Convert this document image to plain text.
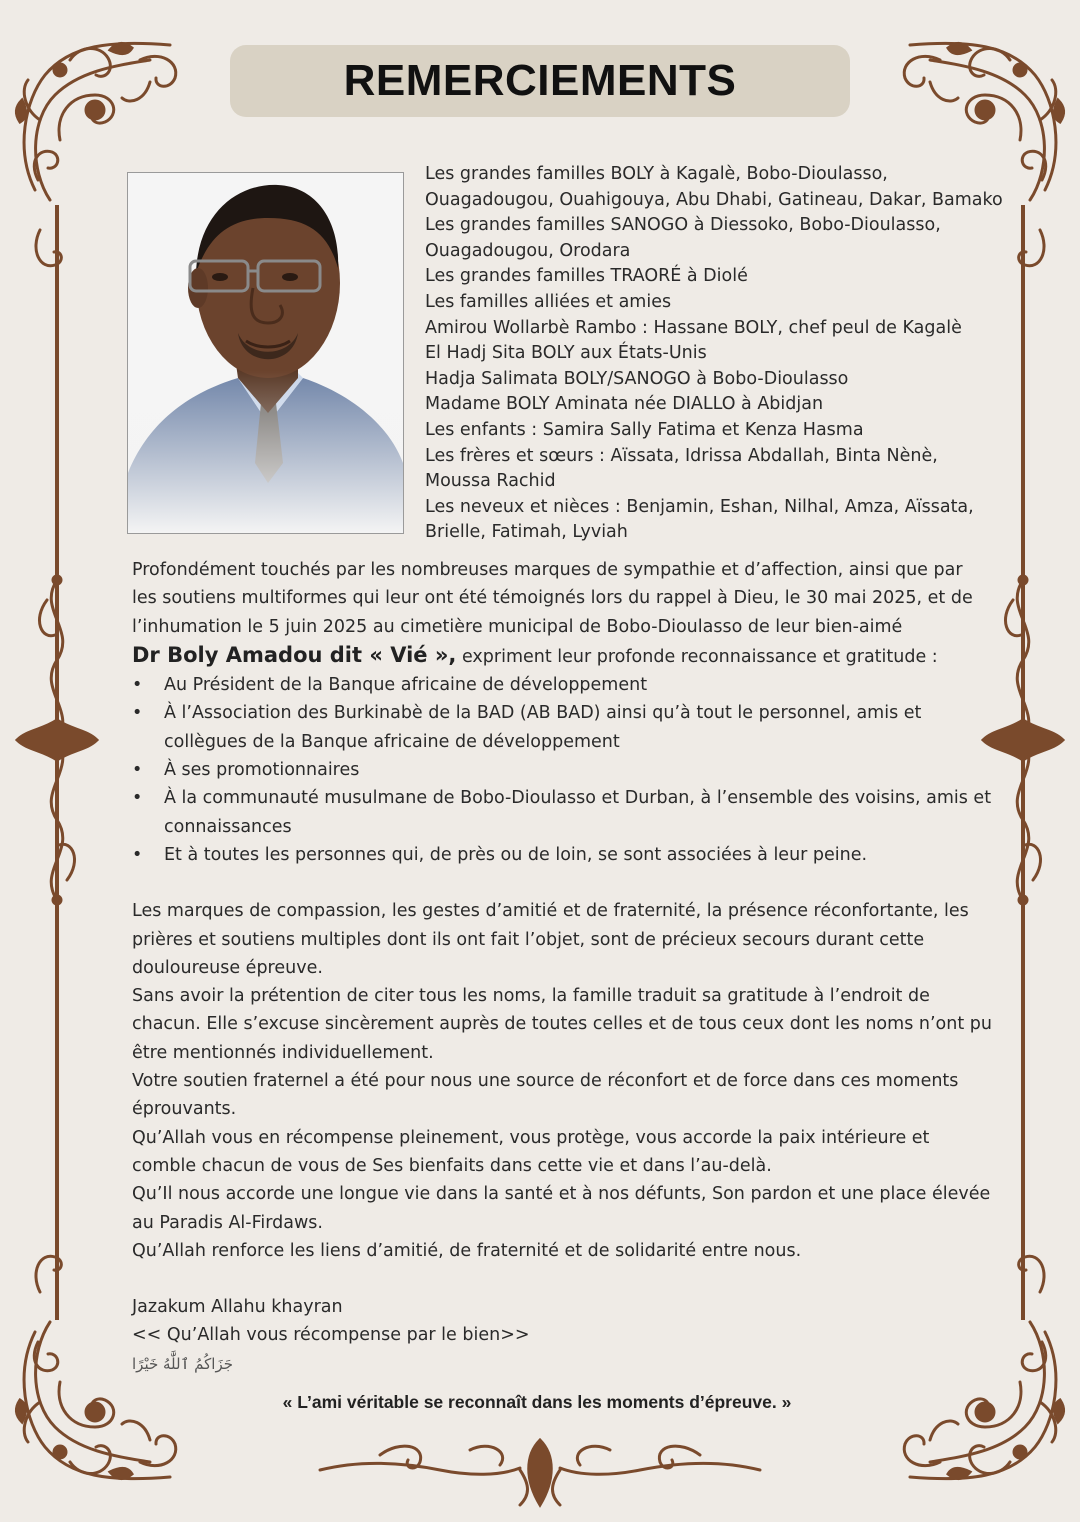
REMERCIEMENTS
Les grandes familles BOLY à Kagalè, Bobo-Dioulasso,
Ouagadougou, Ouahigouya, Abu Dhabi, Gatineau, Dakar, Bamako
Les grandes familles SANOGO à Diessoko, Bobo-Dioulasso,
Ouagadougou, Orodara
Les grandes familles TRAORÉ à Diolé
Les familles alliées et amies
Amirou Wollarbè Rambo : Hassane BOLY, chef peul de Kagalè
El Hadj Sita BOLY aux États-Unis
Hadja Salimata BOLY/SANOGO à Bobo-Dioulasso
Madame BOLY Aminata née DIALLO à Abidjan
Les enfants : Samira Sally Fatima et Kenza Hasma
Les frères et sœurs : Aïssata, Idrissa Abdallah, Binta Nènè,
Moussa Rachid
Les neveux et nièces : Benjamin, Eshan, Nilhal, Amza, Aïssata,
Brielle, Fatimah, Lyviah

Profondément touchés par les nombreuses marques de sympathie et d’affection, ainsi que par les soutiens multiformes qui leur ont été témoignés lors du rappel à Dieu, le 30 mai 2025, et de l’inhumation le 5 juin 2025 au cimetière municipal de Bobo-Dioulasso de leur bien-aimé
Dr Boly Amadou dit « Vié », expriment leur profonde reconnaissance et gratitude :

• Au Président de la Banque africaine de développement
• À l’Association des Burkinabè de la BAD (AB BAD) ainsi qu’à tout le personnel, amis et collègues de la Banque africaine de développement
• À ses promotionnaires
• À la communauté musulmane de Bobo-Dioulasso et Durban, à l’ensemble des voisins, amis et connaissances
• Et à toutes les personnes qui, de près ou de loin, se sont associées à leur peine.

Les marques de compassion, les gestes d’amitié et de fraternité, la présence réconfortante, les prières et soutiens multiples dont ils ont fait l’objet, sont de précieux secours durant cette douloureuse épreuve.

Sans avoir la prétention de citer tous les noms, la famille traduit sa gratitude à l’endroit de chacun. Elle s’excuse sincèrement auprès de toutes celles et de tous ceux dont les noms n’ont pu être mentionnés individuellement.

Votre soutien fraternel a été pour nous une source de réconfort et de force dans ces moments éprouvants.

Qu’Allah vous en récompense pleinement, vous protège, vous accorde la paix intérieure et comble chacun de vous de Ses bienfaits dans cette vie et dans l’au-delà.

Qu’Il nous accorde une longue vie dans la santé et à nos défunts, Son pardon et une place élevée au Paradis Al-Firdaws.

Qu’Allah renforce les liens d’amitié, de fraternité et de solidarité entre nous.

Jazakum Allahu khayran

<< Qu’Allah vous récompense par le bien>>

جَزَاكُمُ ٱللَّٰهُ خَيْرًا

« L’ami véritable se reconnaît dans les moments d’épreuve. »
